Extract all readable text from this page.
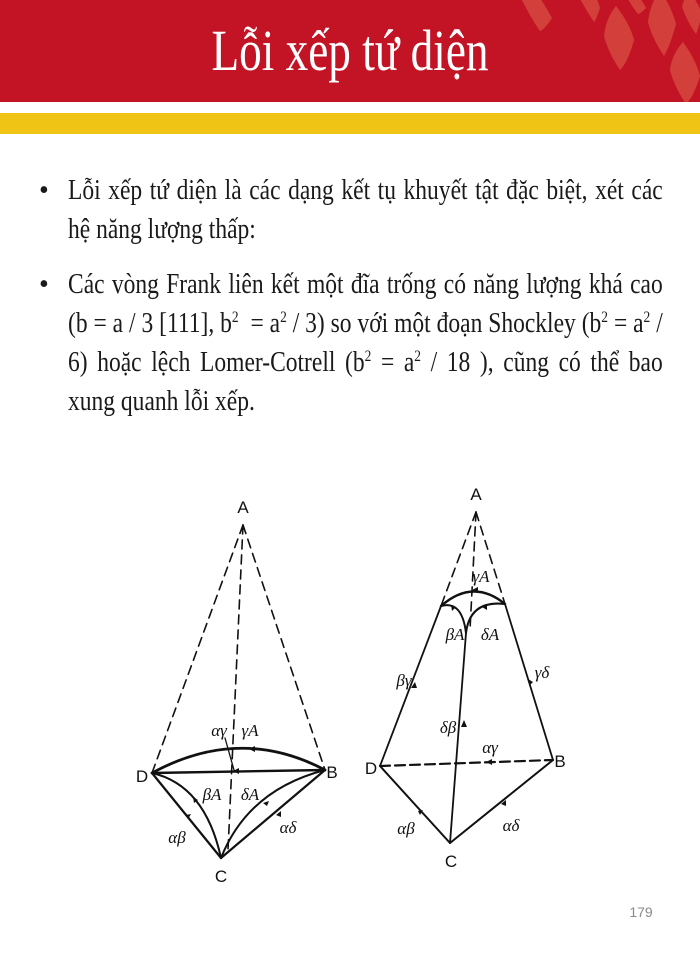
Lỗi xếp tứ diện
• Lỗi xếp tứ diện là các dạng kết tụ khuyết tật đặc biệt, xét các hệ năng lượng thấp:
• Các vòng Frank liên kết một đĩa trống có năng lượng khá cao (b = a / 3 [111], $b^2 = a^2 / 3$) so với một đoạn Shockley $(b^2 = a^2 / 6)$ hoặc lệch Lomer-Cotrell ($b^2 = a^2 / 18$ ), cũng có thể bao xung quanh lỗi xếp.
A
D	B
C
αγ γA
βA δA
αβ
αδ
A
D	B
C
γA
βA δA
βγ	γδ
δβ
αγ
αβ	αδ
179
